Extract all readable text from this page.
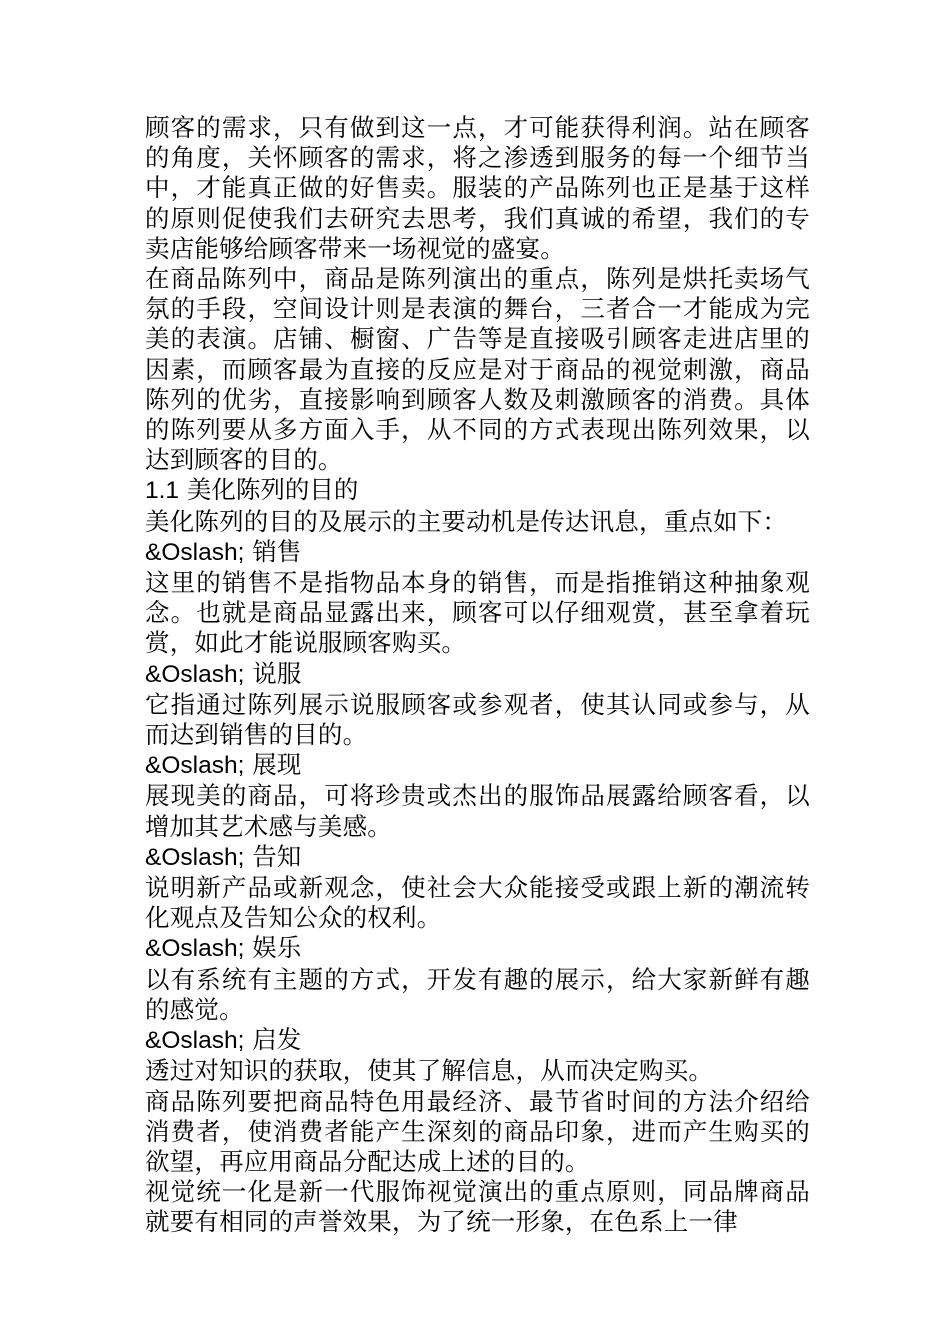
顾客的需求，只有做到这一点，才可能获得利润。站在顾客的角度，关怀顾客的需求，将之渗透到服务的每一个细节当中，才能真正做的好售卖。服装的产品陈列也正是基于这样的原则促使我们去研究去思考，我们真诚的希望，我们的专卖店能够给顾客带来一场视觉的盛宴。

在商品陈列中，商品是陈列演出的重点，陈列是烘托卖场气氛的手段，空间设计则是表演的舞台，三者合一才能成为完美的表演。店铺、橱窗、广告等是直接吸引顾客走进店里的因素，而顾客最为直接的反应是对于商品的视觉刺激，商品陈列的优劣，直接影响到顾客人数及刺激顾客的消费。具体的陈列要从多方面入手，从不同的方式表现出陈列效果，以达到顾客的目的。

1.1 美化陈列的目的

美化陈列的目的及展示的主要动机是传达讯息，重点如下：

&Oslash; 销售

这里的销售不是指物品本身的销售，而是指推销这种抽象观念。也就是商品显露出来，顾客可以仔细观赏，甚至拿着玩赏，如此才能说服顾客购买。

&Oslash; 说服

它指通过陈列展示说服顾客或参观者，使其认同或参与，从而达到销售的目的。

&Oslash; 展现

展现美的商品，可将珍贵或杰出的服饰品展露给顾客看，以增加其艺术感与美感。

&Oslash; 告知

说明新产品或新观念，使社会大众能接受或跟上新的潮流转化观点及告知公众的权利。

&Oslash; 娱乐

以有系统有主题的方式，开发有趣的展示，给大家新鲜有趣的感觉。

&Oslash; 启发

透过对知识的获取，使其了解信息，从而决定购买。

商品陈列要把商品特色用最经济、最节省时间的方法介绍给消费者，使消费者能产生深刻的商品印象，进而产生购买的欲望，再应用商品分配达成上述的目的。

视觉统一化是新一代服饰视觉演出的重点原则，同品牌商品就要有相同的声誉效果，为了统一形象，在色系上一律
